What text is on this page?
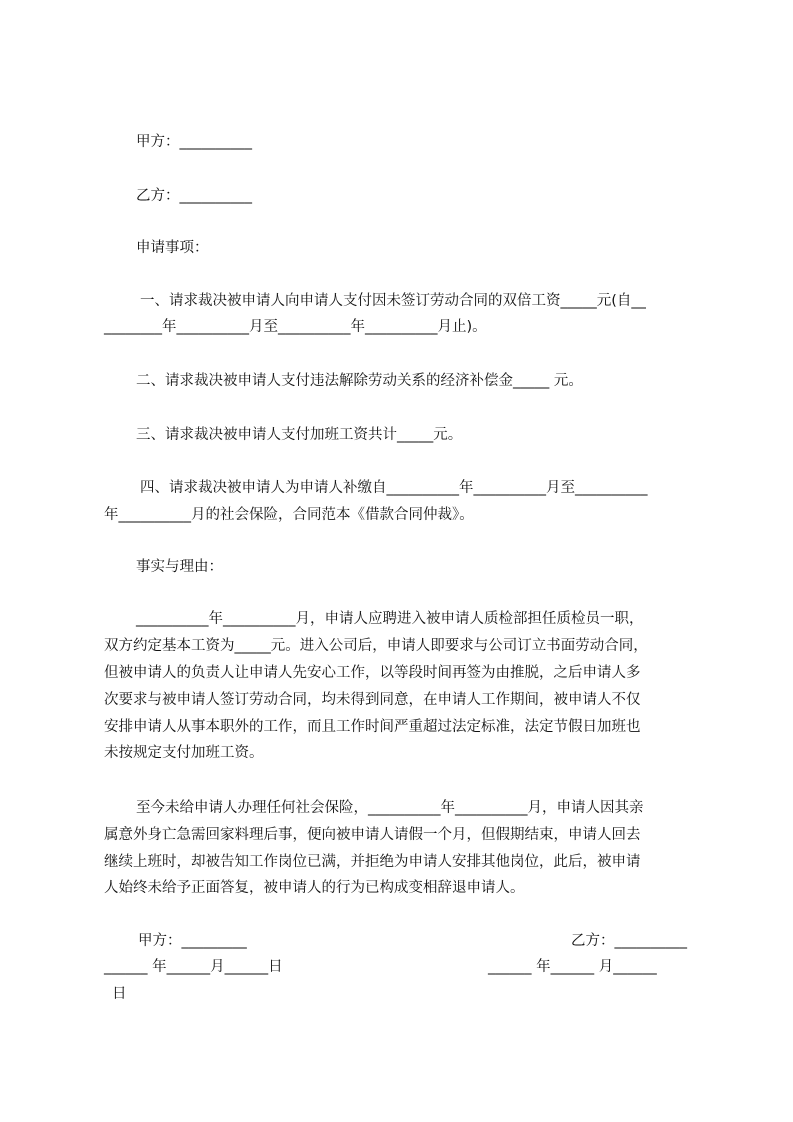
甲方：__________
乙方：__________
申请事项：
一、请求裁决被申请人向申请人支付因未签订劳动合同的双倍工资_____元(自__
________年__________月至__________年__________月止)。
二、请求裁决被申请人支付违法解除劳动关系的经济补偿金_____ 元。
三、请求裁决被申请人支付加班工资共计_____元。
四、请求裁决被申请人为申请人补缴自__________年__________月至__________
年__________月的社会保险，合同范本《借款合同仲裁》。
事实与理由：
__________年__________月，申请人应聘进入被申请人质检部担任质检员一职，
双方约定基本工资为_____元。进入公司后，申请人即要求与公司订立书面劳动合同，
但被申请人的负责人让申请人先安心工作，以等段时间再签为由推脱，之后申请人多
次要求与被申请人签订劳动合同，均未得到同意，在申请人工作期间，被申请人不仅
安排申请人从事本职外的工作，而且工作时间严重超过法定标准，法定节假日加班也
未按规定支付加班工资。
至今未给申请人办理任何社会保险，__________年__________月，申请人因其亲
属意外身亡急需回家料理后事，便向被申请人请假一个月，但假期结束，申请人回去
继续上班时，却被告知工作岗位已满，并拒绝为申请人安排其他岗位，此后，被申请
人始终未给予正面答复，被申请人的行为已构成变相辞退申请人。
甲方：_________	乙方：__________
______ 年______月______日	______ 年______ 月______
日
